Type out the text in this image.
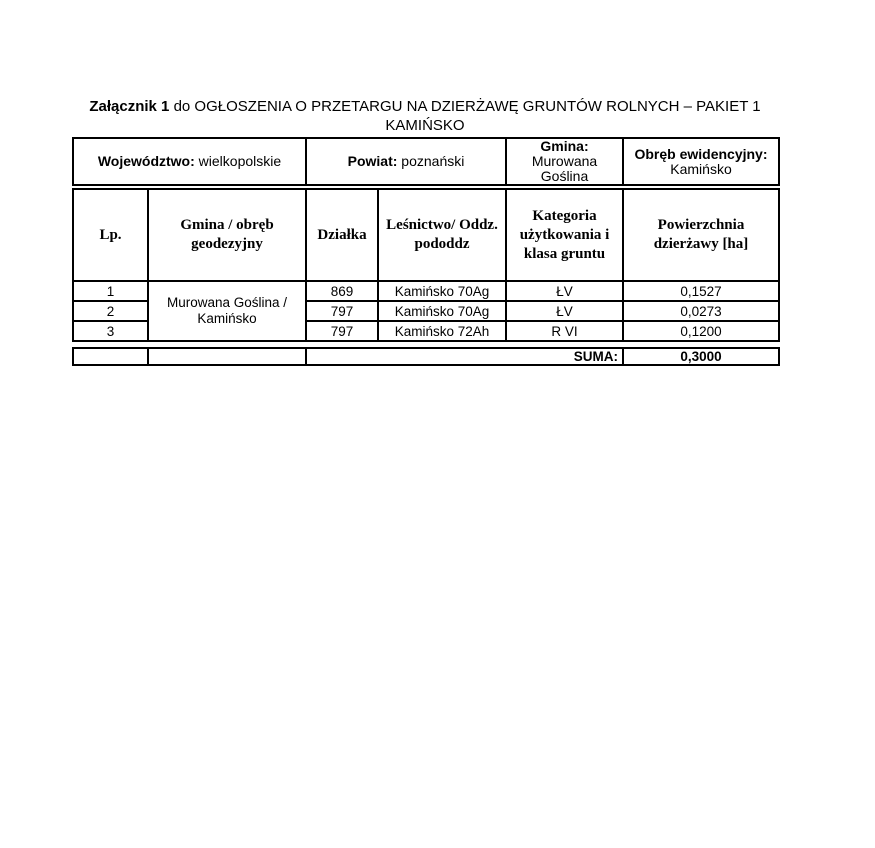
Załącznik 1 do OGŁOSZENIA O PRZETARGU NA DZIERŻAWĘ GRUNTÓW ROLNYCH – PAKIET 1
KAMIŃSKO
Województwo: wielkopolskie	Powiat: poznański	
Gmina:
Murowana Goślina

Obręb ewidencyjny:
Kamińsko
Lp.	Gmina / obręb geodezyjny	Działka	Leśnictwo/ Oddz. pododdz	Kategoria użytkowania i klasa gruntu	Powierzchnia dzierżawy [ha]
1	Murowana Goślina / Kamińsko	869	Kamińsko 70Ag	ŁV	0,1527
2		797	Kamińsko 70Ag	ŁV	0,0273
3		797	Kamińsko 72Ah	R VI	0,1200
		SUMA:	0,3000
